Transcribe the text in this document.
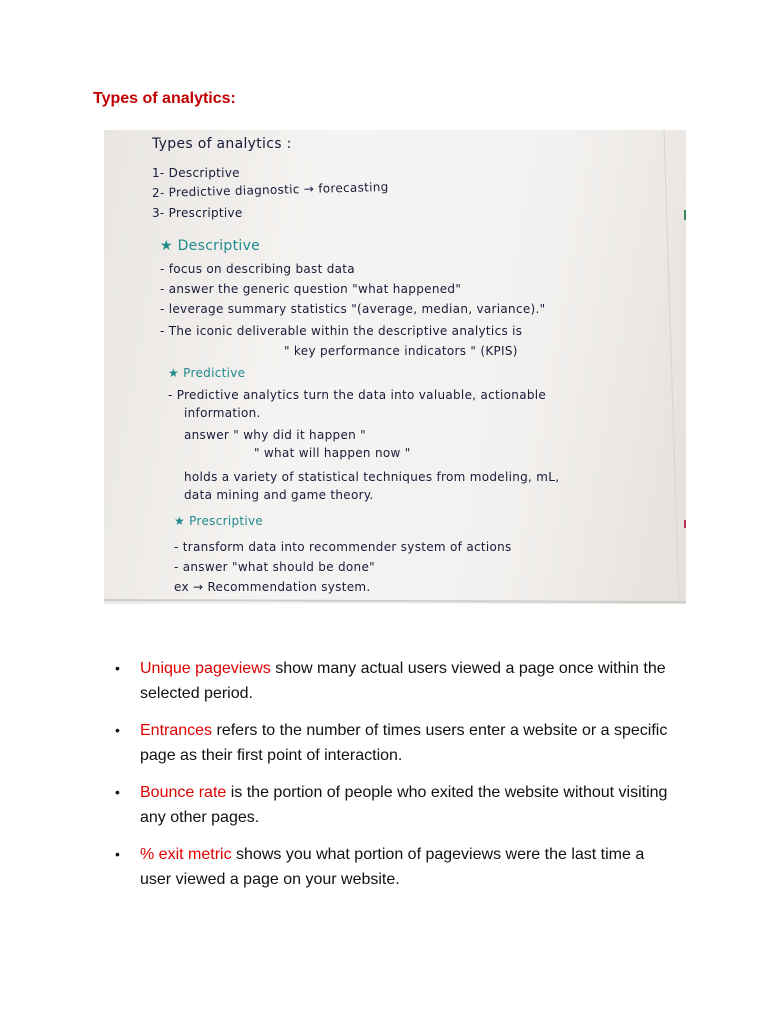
Types of analytics:
Types of analytics :
1- Descriptive
2- Predictive diagnostic → forecasting
3- Prescriptive
★ Descriptive
- focus on describing bast data
- answer the generic question "what happened"
- leverage summary statistics "(average, median, variance)."
- The iconic deliverable within the descriptive analytics is
" key performance indicators " (KPIS)
★ Predictive
- Predictive analytics turn the data into valuable, actionable
information.
answer " why did it happen "
" what will happen now "
holds a variety of statistical techniques from modeling, mL,
data mining and game theory.
★ Prescriptive
- transform data into recommender system of actions
- answer "what should be done"
ex → Recommendation system.
• Unique pageviews show many actual users viewed a page once within the selected period.
• Entrances refers to the number of times users enter a website or a specific page as their first point of interaction.
• Bounce rate is the portion of people who exited the website without visiting any other pages.
• % exit metric shows you what portion of pageviews were the last time a user viewed a page on your website.
